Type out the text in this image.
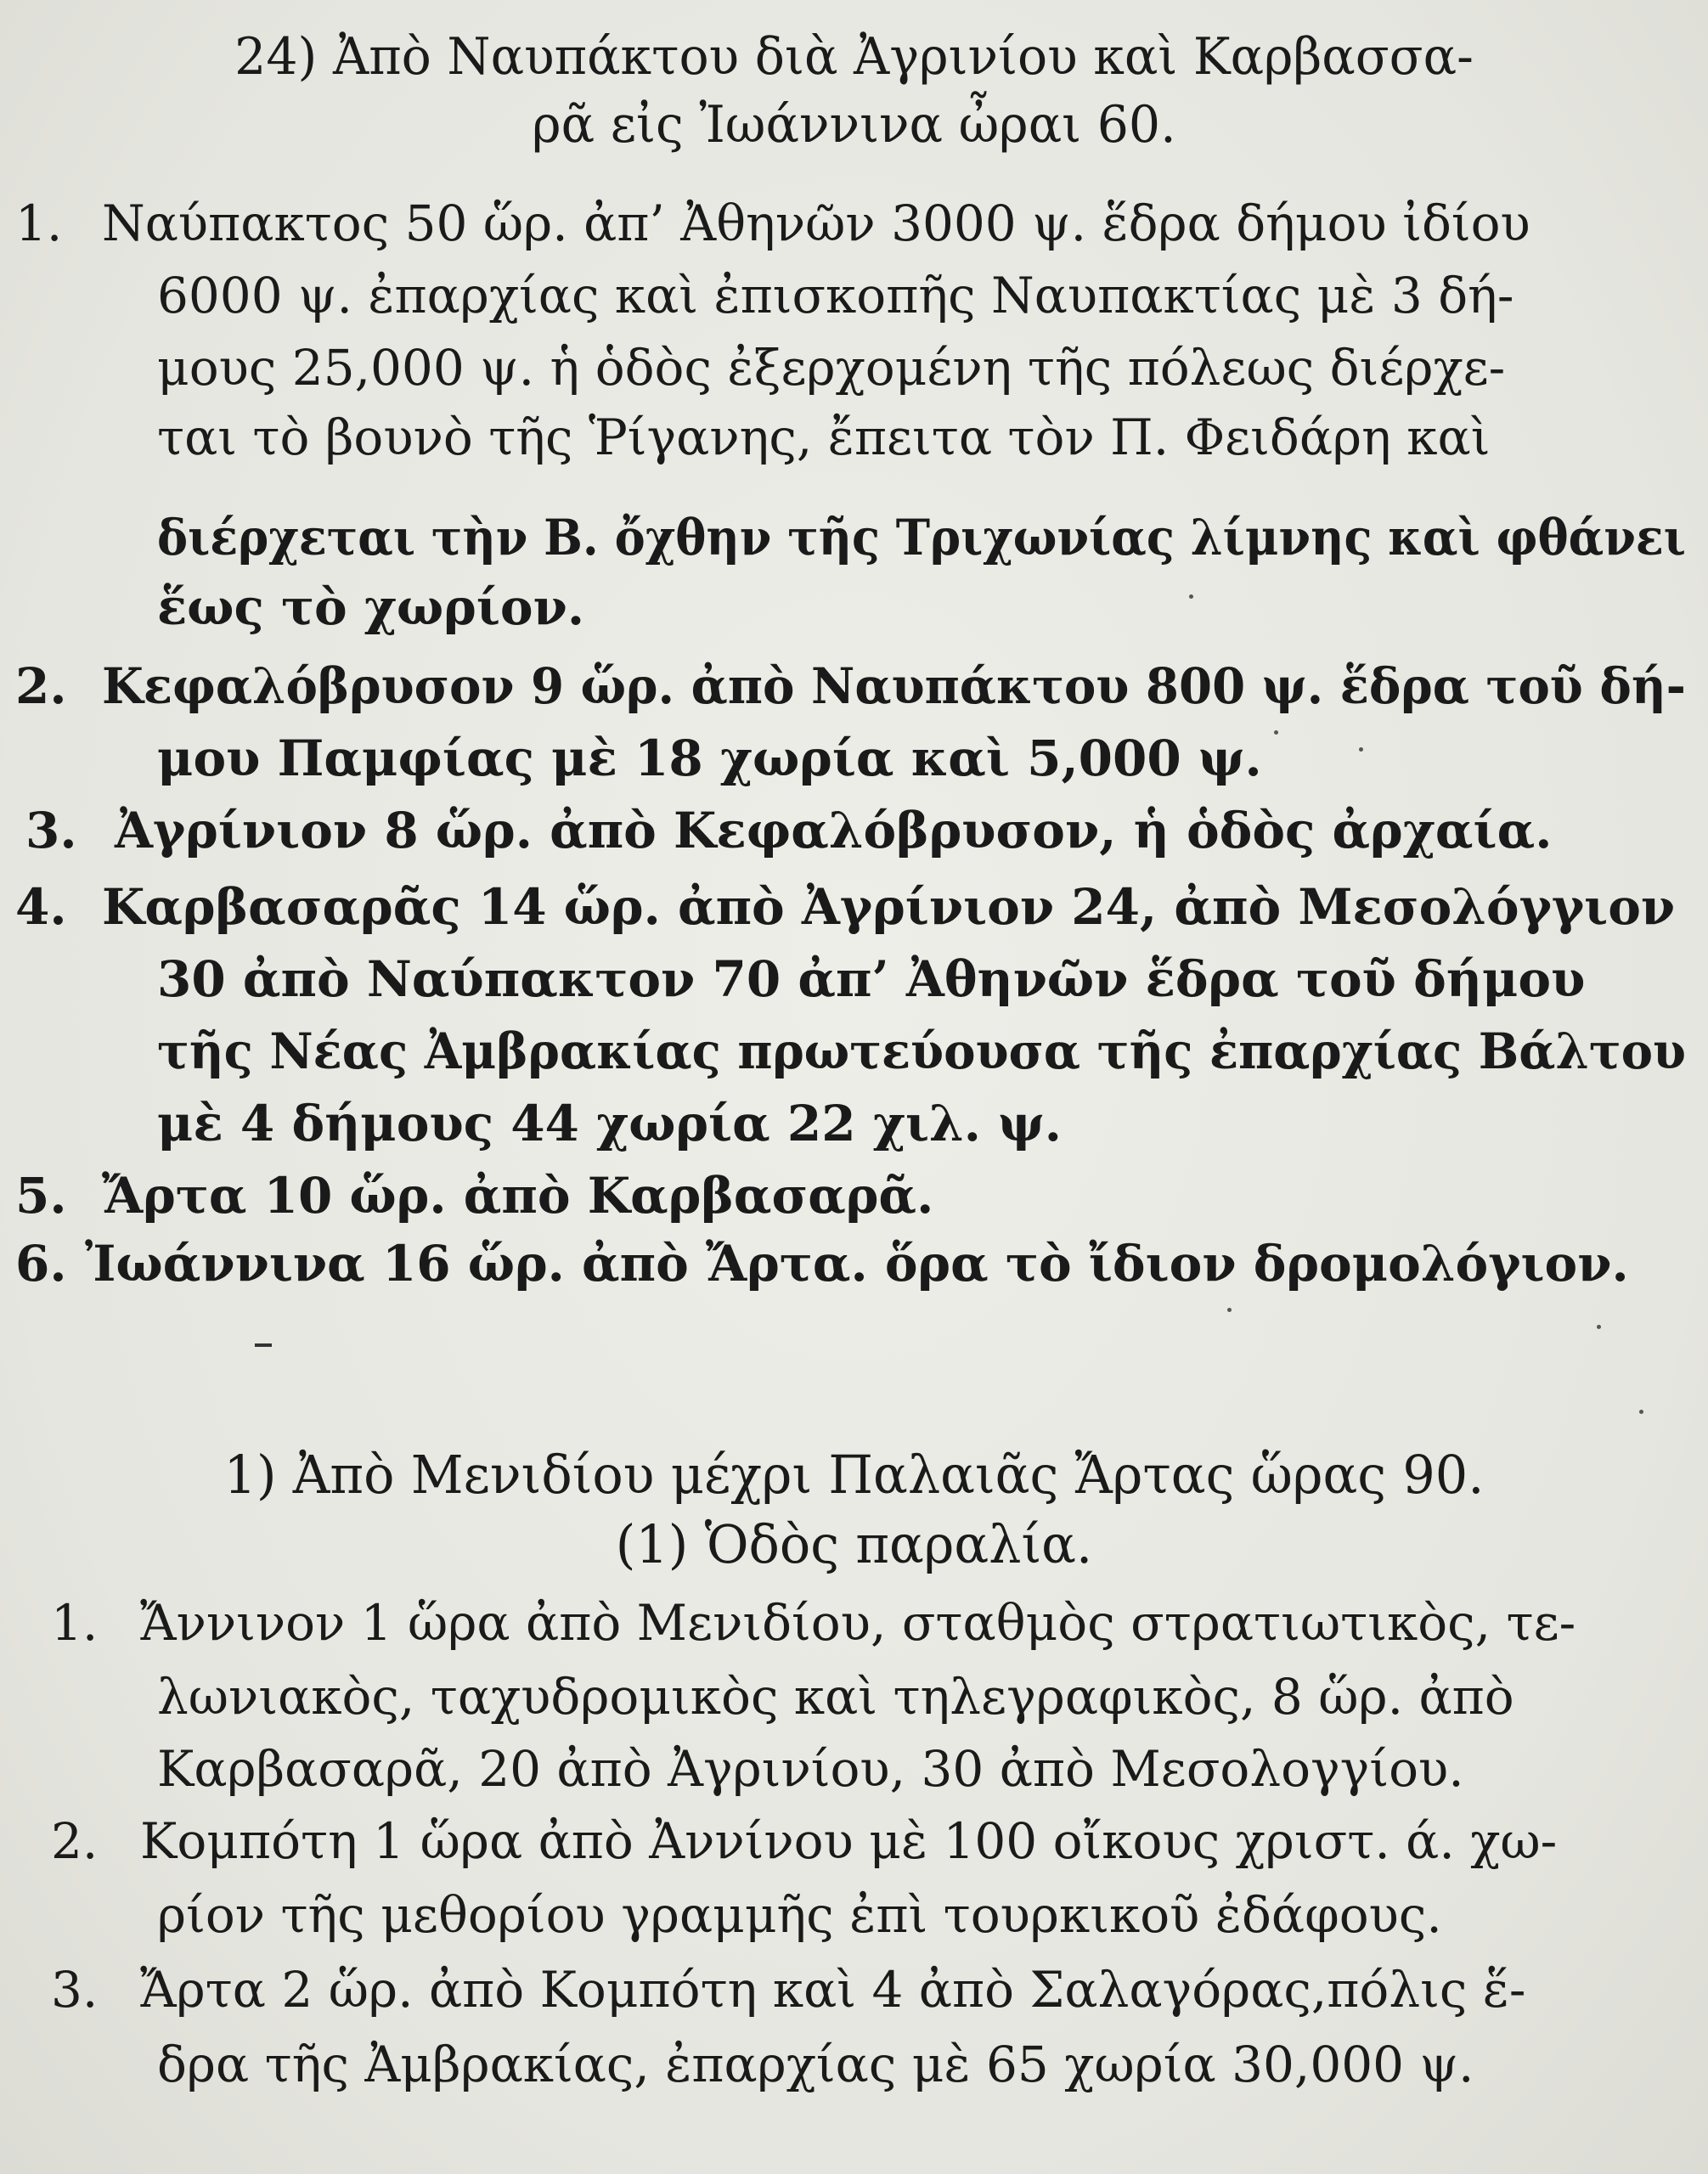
24) Ἀπὸ Ναυπάκτου διὰ Ἀγρινίου καὶ Καρβασσα-
ρᾶ εἰς Ἰωάννινα ὦραι 60.
1. Ναύπακτος 50 ὥρ. ἀπ’ Ἀθηνῶν 3000 ψ. ἕδρα δήμου ἰδίου
6000 ψ. ἐπαρχίας καὶ ἐπισκοπῆς Ναυπακτίας μὲ 3 δή-
μους 25,000 ψ. ἡ ὁδὸς ἐξερχομένη τῆς πόλεως διέρχε-
ται τὸ βουνὸ τῆς Ῥίγανης, ἔπειτα τὸν Π. Φειδάρη καὶ
διέρχεται τὴν Β. ὄχθην τῆς Τριχωνίας λίμνης καὶ φθάνει
ἕως τὸ χωρίον.
2. Κεφαλόβρυσον 9 ὥρ. ἀπὸ Ναυπάκτου 800 ψ. ἕδρα τοῦ δή-
μου Παμφίας μὲ 18 χωρία καὶ 5,000 ψ.
3. Ἀγρίνιον 8 ὥρ. ἀπὸ Κεφαλόβρυσον, ἡ ὁδὸς ἀρχαία.
4. Καρβασαρᾶς 14 ὥρ. ἀπὸ Ἀγρίνιον 24, ἀπὸ Μεσολόγγιον
30 ἀπὸ Ναύπακτον 70 ἀπ’ Ἀθηνῶν ἕδρα τοῦ δήμου
τῆς Νέας Ἀμβρακίας πρωτεύουσα τῆς ἐπαρχίας Βάλτου
μὲ 4 δήμους 44 χωρία 22 χιλ. ψ.
5. Ἄρτα 10 ὥρ. ἀπὸ Καρβασαρᾶ.
6. Ἰωάννινα 16 ὥρ. ἀπὸ Ἄρτα. ὅρα τὸ ἴδιον δρομολόγιον.
1) Ἀπὸ Μενιδίου μέχρι Παλαιᾶς Ἄρτας ὥρας 90.
(1) Ὁδὸς παραλία.
1. Ἄννινον 1 ὥρα ἀπὸ Μενιδίου, σταθμὸς στρατιωτικὸς, τε-
λωνιακὸς, ταχυδρομικὸς καὶ τηλεγραφικὸς, 8 ὥρ. ἀπὸ
Καρβασαρᾶ, 20 ἀπὸ Ἀγρινίου, 30 ἀπὸ Μεσολογγίου.
2. Κομπότη 1 ὥρα ἀπὸ Ἀννίνου μὲ 100 οἴκους χριστ. ά. χω-
ρίον τῆς μεθορίου γραμμῆς ἐπὶ τουρκικοῦ ἐδάφους.
3. Ἄρτα 2 ὥρ. ἀπὸ Κομπότη καὶ 4 ἀπὸ Σαλαγόρας,πόλις ἕ-
δρα τῆς Ἀμβρακίας, ἐπαρχίας μὲ 65 χωρία 30,000 ψ.
